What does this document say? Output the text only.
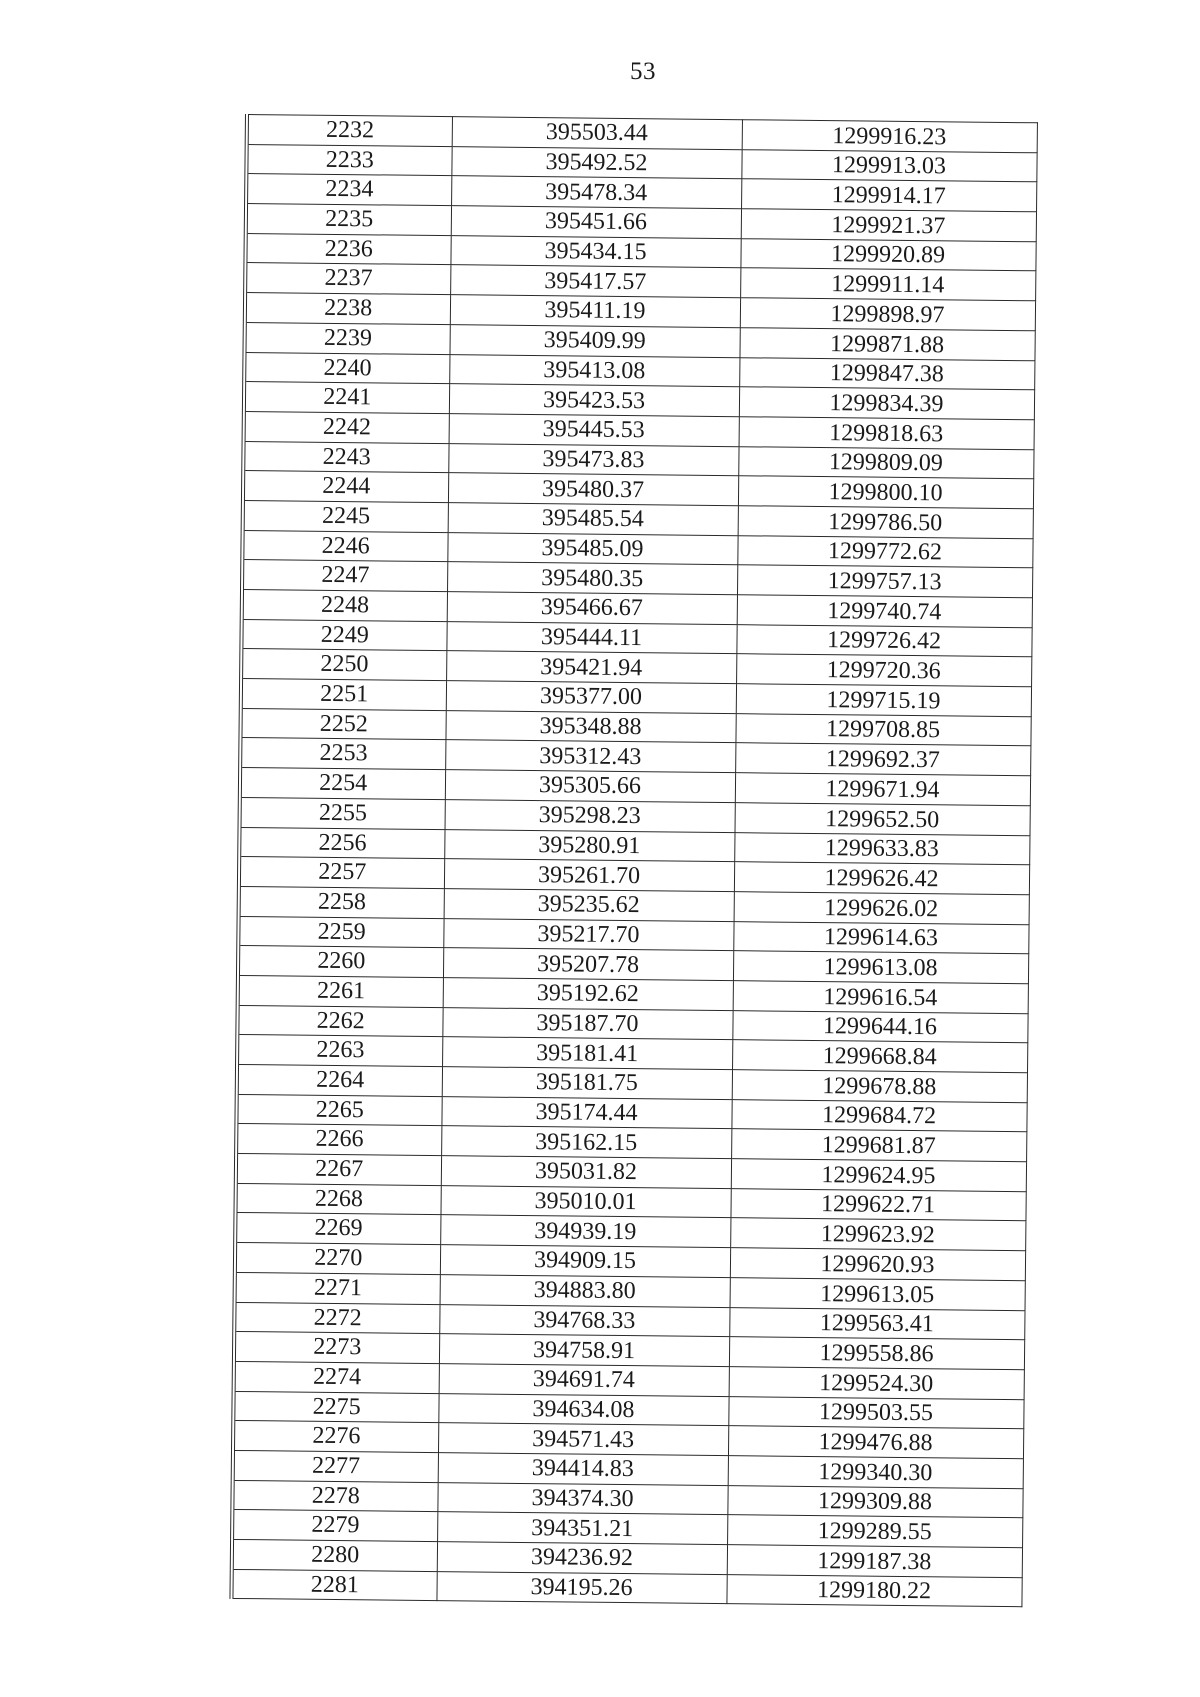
53
2232	395503.44	1299916.23
2233	395492.52	1299913.03
2234	395478.34	1299914.17
2235	395451.66	1299921.37
2236	395434.15	1299920.89
2237	395417.57	1299911.14
2238	395411.19	1299898.97
2239	395409.99	1299871.88
2240	395413.08	1299847.38
2241	395423.53	1299834.39
2242	395445.53	1299818.63
2243	395473.83	1299809.09
2244	395480.37	1299800.10
2245	395485.54	1299786.50
2246	395485.09	1299772.62
2247	395480.35	1299757.13
2248	395466.67	1299740.74
2249	395444.11	1299726.42
2250	395421.94	1299720.36
2251	395377.00	1299715.19
2252	395348.88	1299708.85
2253	395312.43	1299692.37
2254	395305.66	1299671.94
2255	395298.23	1299652.50
2256	395280.91	1299633.83
2257	395261.70	1299626.42
2258	395235.62	1299626.02
2259	395217.70	1299614.63
2260	395207.78	1299613.08
2261	395192.62	1299616.54
2262	395187.70	1299644.16
2263	395181.41	1299668.84
2264	395181.75	1299678.88
2265	395174.44	1299684.72
2266	395162.15	1299681.87
2267	395031.82	1299624.95
2268	395010.01	1299622.71
2269	394939.19	1299623.92
2270	394909.15	1299620.93
2271	394883.80	1299613.05
2272	394768.33	1299563.41
2273	394758.91	1299558.86
2274	394691.74	1299524.30
2275	394634.08	1299503.55
2276	394571.43	1299476.88
2277	394414.83	1299340.30
2278	394374.30	1299309.88
2279	394351.21	1299289.55
2280	394236.92	1299187.38
2281	394195.26	1299180.22
